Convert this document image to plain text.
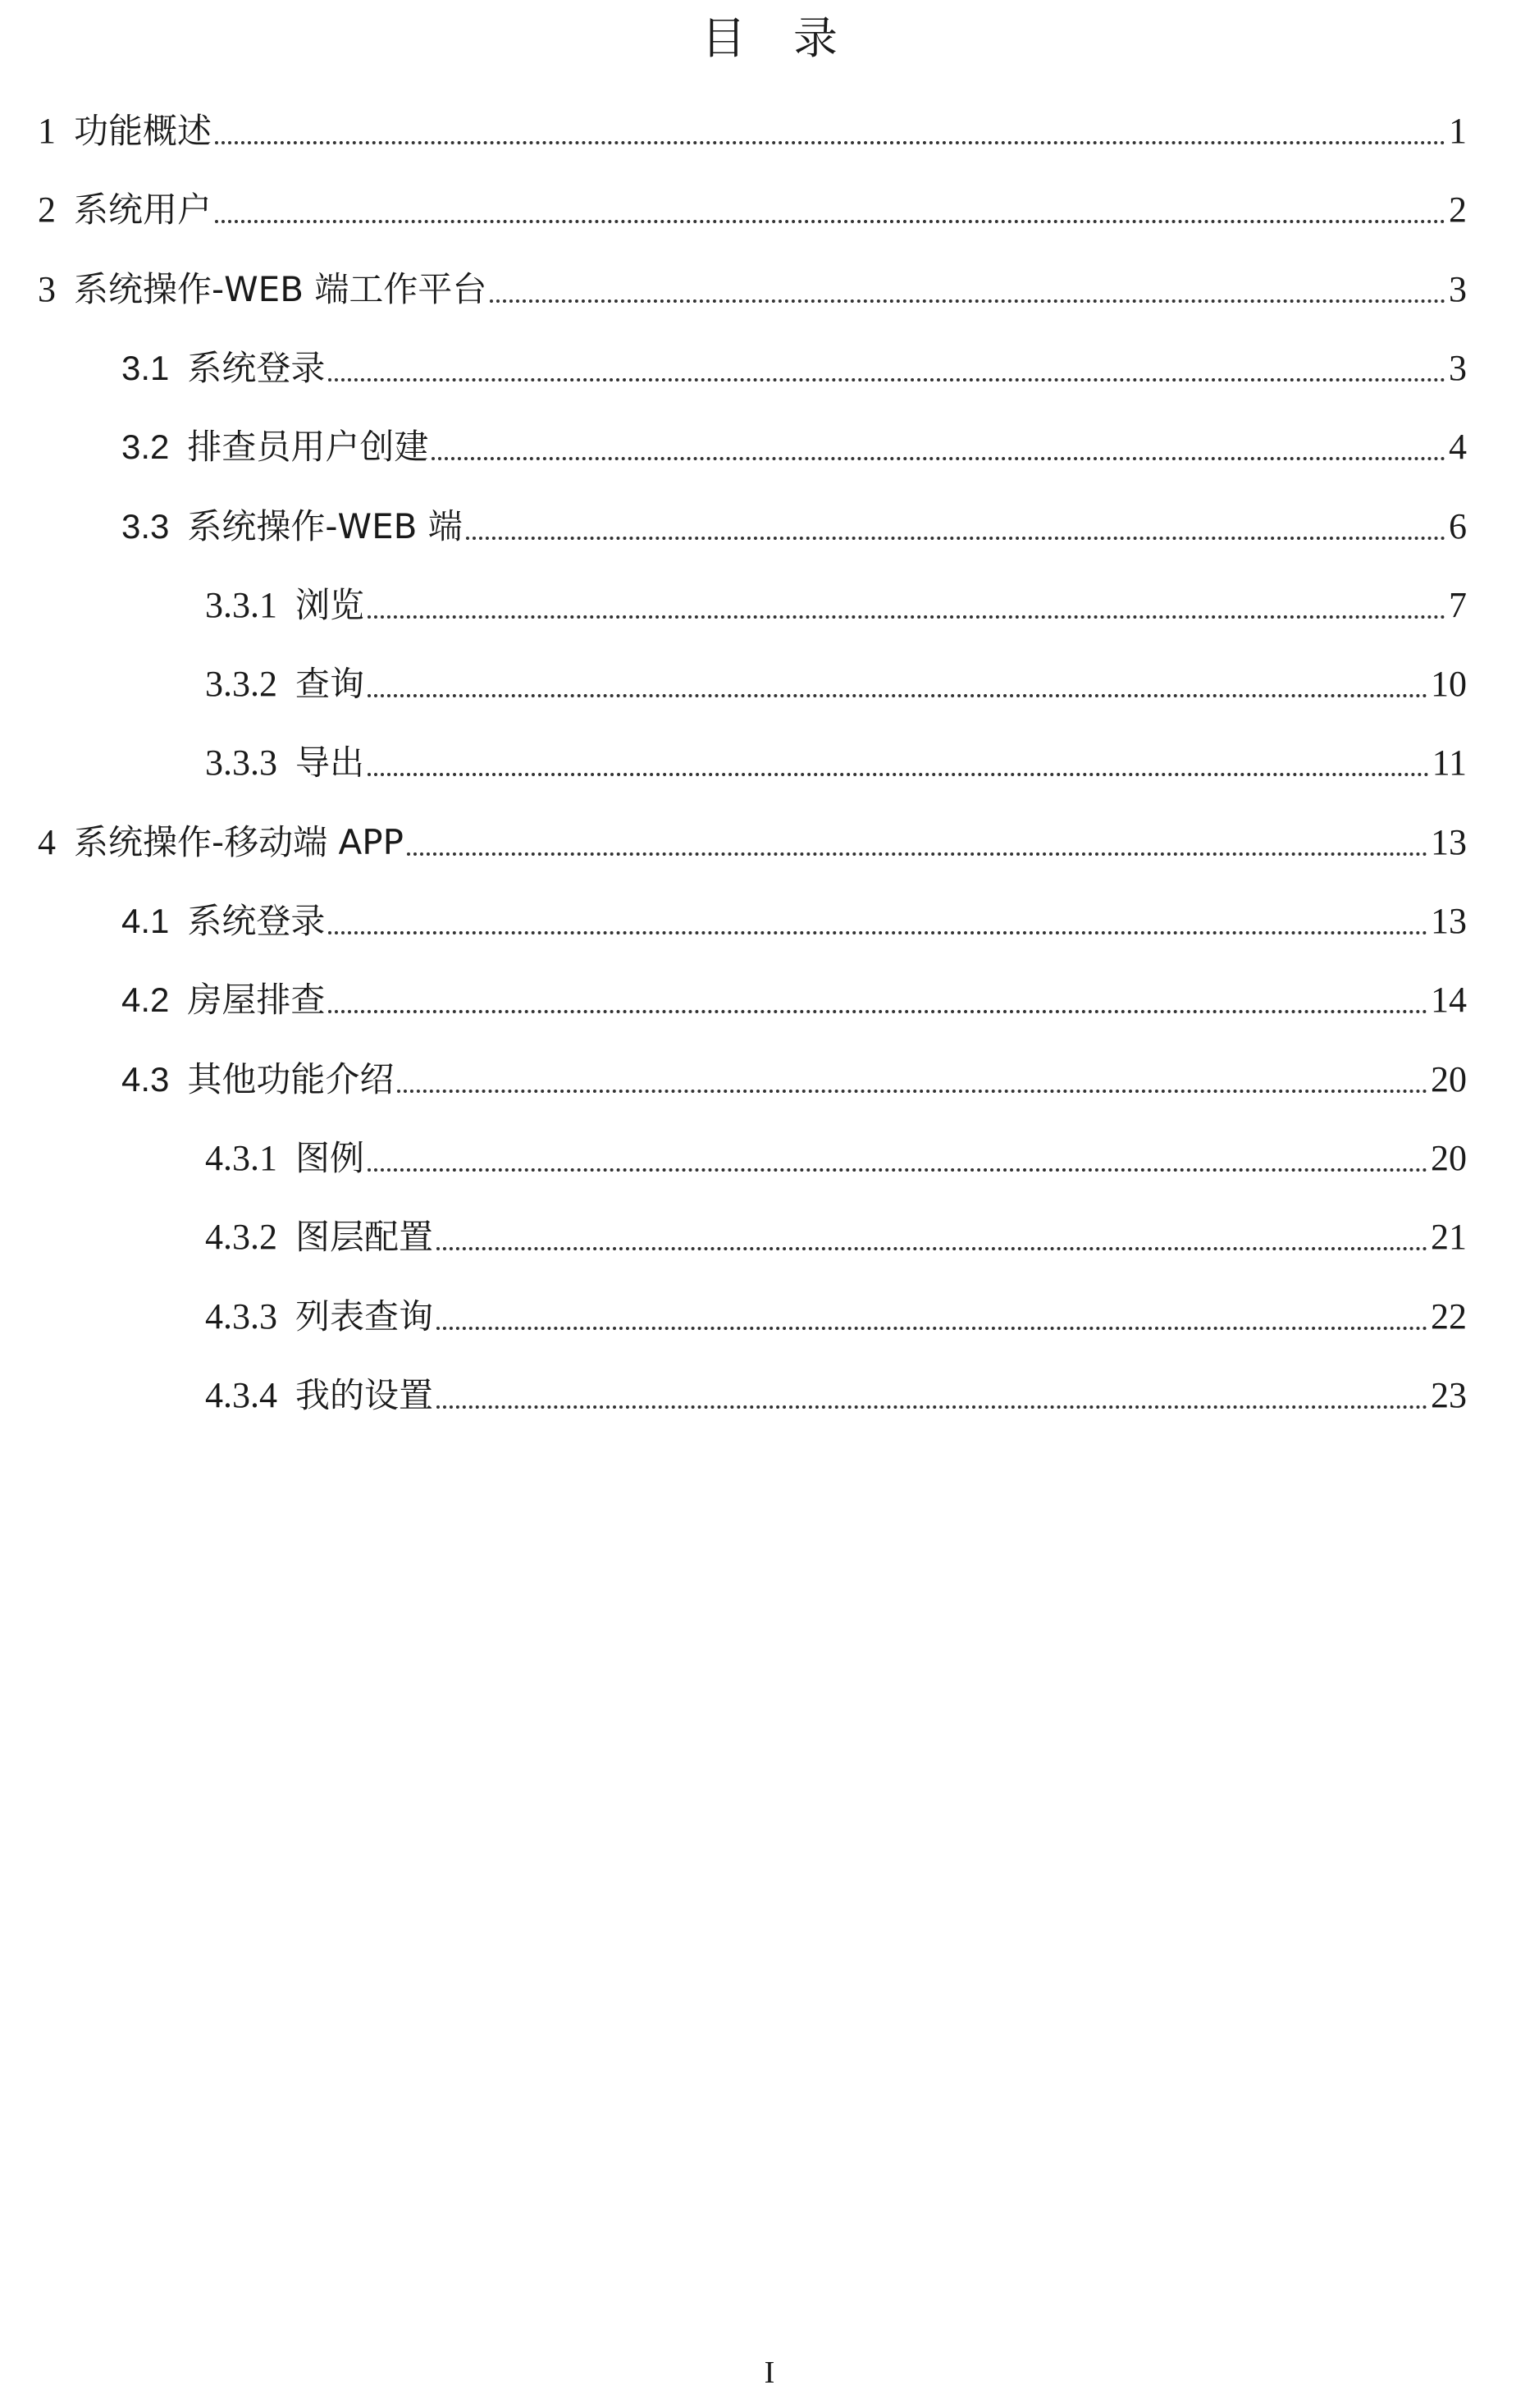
目 录
1 功能概述	1
2 系统用户	2
3 系统操作-WEB 端工作平台	3
3.1 系统登录	3
3.2 排查员用户创建	4
3.3 系统操作-WEB 端	6
3.3.1 浏览	7
3.3.2 查询	10
3.3.3 导出	11
4 系统操作-移动端 APP	13
4.1 系统登录	13
4.2 房屋排查	14
4.3 其他功能介绍	20
4.3.1 图例	20
4.3.2 图层配置	21
4.3.3 列表查询	22
4.3.4 我的设置	23
I
